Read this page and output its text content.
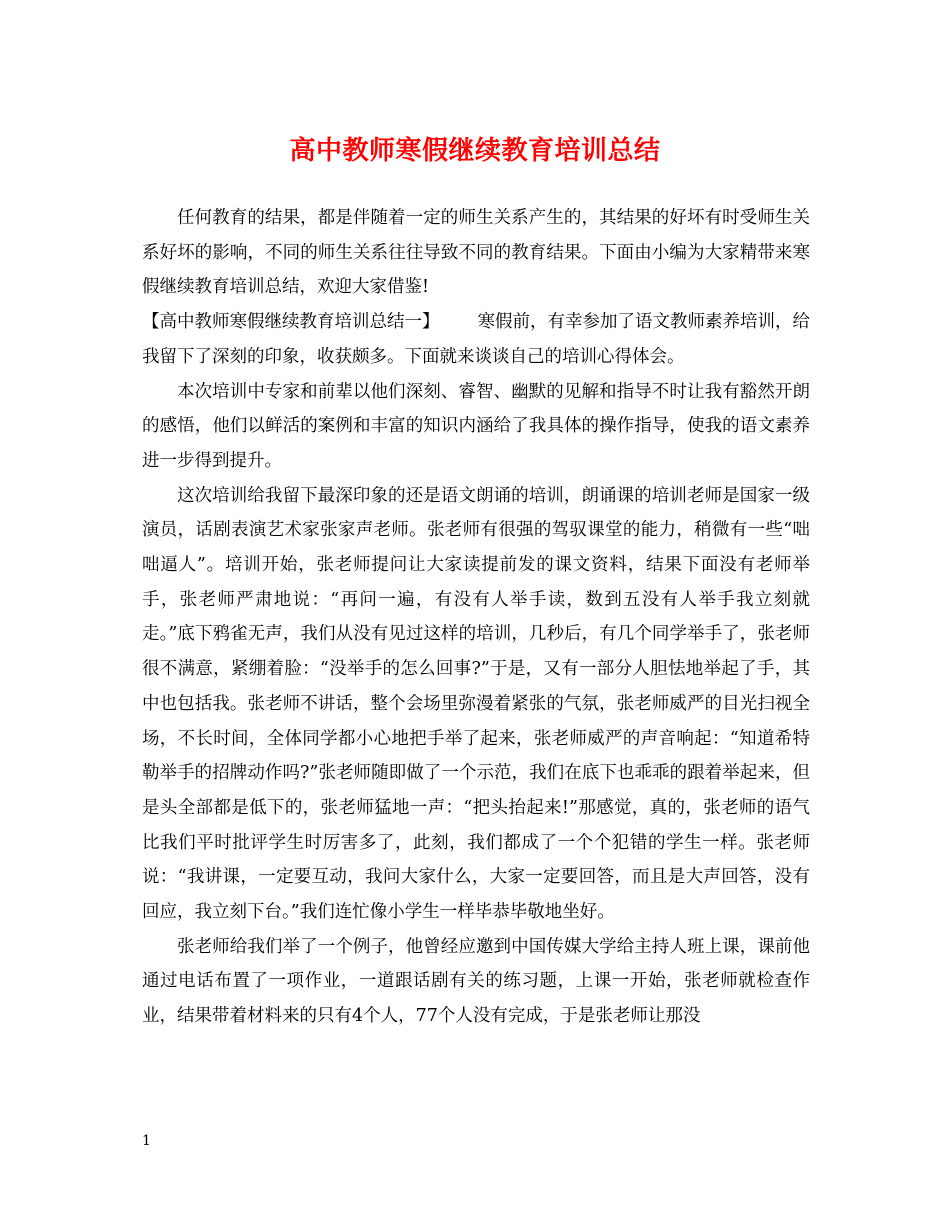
高中教师寒假继续教育培训总结

任何教育的结果，都是伴随着一定的师生关系产生的，其结果的好坏有时受师生关系好坏的影响，不同的师生关系往往导致不同的教育结果。下面由小编为大家精带来寒假继续教育培训总结，欢迎大家借鉴!

【高中教师寒假继续教育培训总结一】 寒假前，有幸参加了语文教师素养培训，给我留下了深刻的印象，收获颇多。下面就来谈谈自己的培训心得体会。

本次培训中专家和前辈以他们深刻、睿智、幽默的见解和指导不时让我有豁然开朗的感悟，他们以鲜活的案例和丰富的知识内涵给了我具体的操作指导，使我的语文素养进一步得到提升。

这次培训给我留下最深印象的还是语文朗诵的培训，朗诵课的培训老师是国家一级演员，话剧表演艺术家张家声老师。张老师有很强的驾驭课堂的能力，稍微有一些“咄咄逼人”。培训开始，张老师提问让大家读提前发的课文资料，结果下面没有老师举手，张老师严肃地说：“再问一遍，有没有人举手读，数到五没有人举手我立刻就走。”底下鸦雀无声，我们从没有见过这样的培训，几秒后，有几个同学举手了，张老师很不满意，紧绷着脸：“没举手的怎么回事?”于是，又有一部分人胆怯地举起了手，其中也包括我。张老师不讲话，整个会场里弥漫着紧张的气氛，张老师威严的目光扫视全场，不长时间，全体同学都小心地把手举了起来，张老师威严的声音响起：“知道希特勒举手的招牌动作吗?”张老师随即做了一个示范，我们在底下也乖乖的跟着举起来，但是头全部都是低下的，张老师猛地一声：“把头抬起来!”那感觉，真的，张老师的语气比我们平时批评学生时厉害多了，此刻，我们都成了一个个犯错的学生一样。张老师说：“我讲课，一定要互动，我问大家什么，大家一定要回答，而且是大声回答，没有回应，我立刻下台。”我们连忙像小学生一样毕恭毕敬地坐好。

张老师给我们举了一个例子，他曾经应邀到中国传媒大学给主持人班上课，课前他通过电话布置了一项作业，一道跟话剧有关的练习题，上课一开始，张老师就检查作业，结果带着材料来的只有4个人，77个人没有完成，于是张老师让那没

1
